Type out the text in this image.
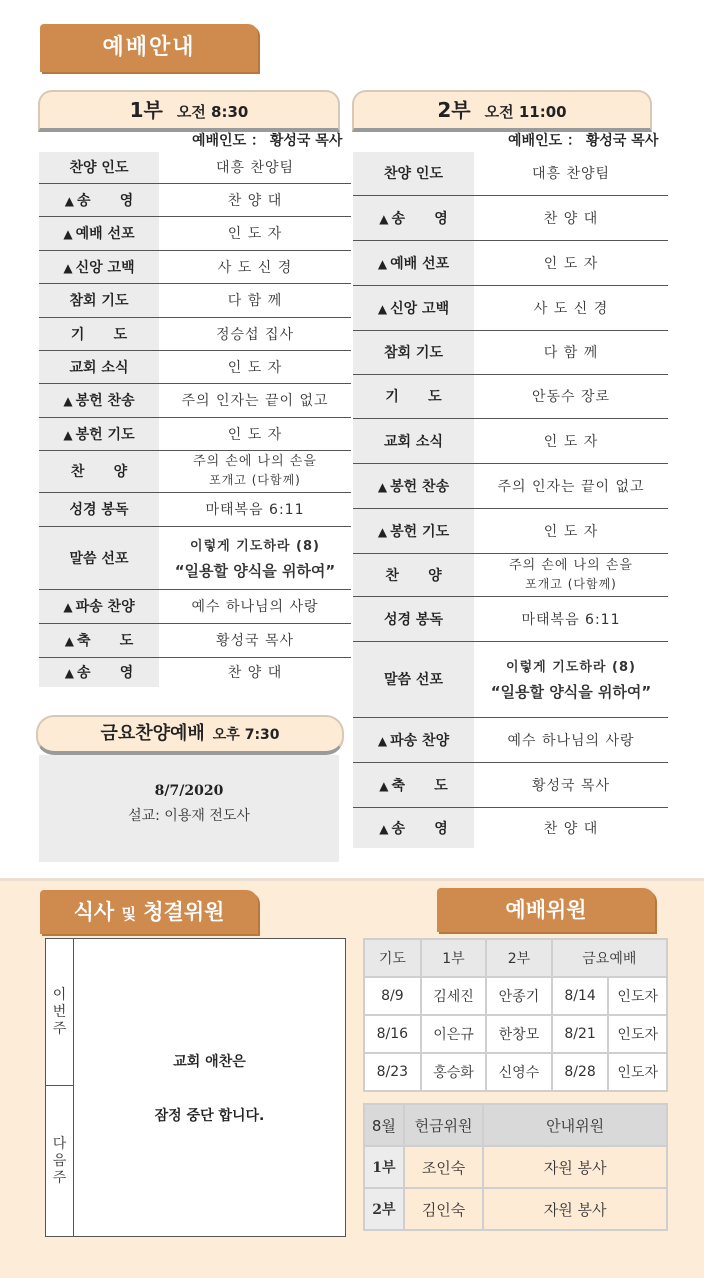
예배안내
1부 오전 8:30
예배인도 ： 황성국 목사
2부 오전 11:00
예배인도 ： 황성국 목사
찬양 인도	대흥 찬양팀
▲ 송      영	찬 양 대
▲ 예배 선포	인 도 자
▲ 신앙 고백	사 도 신 경
참회 기도	다 함 께
기      도	정승섭 집사
교회 소식	인 도 자
▲ 봉헌 찬송	주의 인자는 끝이 없고
▲ 봉헌 기도	인 도 자
찬      양	주의 손에 나의 손을
포개고 (다함께)

성경 봉독	마태복음 6:11
말씀 선포	이렇게 기도하라 (8)
“일용할 양식을 위하여”

▲ 파송 찬양	예수 하나님의 사랑
▲ 축      도	황성국 목사
▲ 송      영	찬 양 대
찬양 인도	대흥 찬양팀
▲ 송      영	찬 양 대
▲ 예배 선포	인 도 자
▲ 신앙 고백	사 도 신 경
참회 기도	다 함 께
기      도	안동수 장로
교회 소식	인 도 자
▲ 봉헌 찬송	주의 인자는 끝이 없고
▲ 봉헌 기도	인 도 자
찬      양	주의 손에 나의 손을
포개고 (다함께)

성경 봉독	마태복음 6:11
말씀 선포	이렇게 기도하라 (8)
“일용할 양식을 위하여”

▲ 파송 찬양	예수 하나님의 사랑
▲ 축      도	황성국 목사
▲ 송      영	찬 양 대
금요찬양예배 오후 7:30
8/7/2020
설교: 이용재 전도사
식사 및 청결위원
이
번
주
다
음
주
교회 애찬은
잠정 중단 합니다.
예배위원
기도	1부	2부	금요예배	
8/9	김세진	안종기	8/14	인도자
8/16	이은규	한창모	8/21	인도자
8/23	홍승화	신영수	8/28	인도자
8월	헌금위원	안내위원
1부	조인숙	자원 봉사
2부	김인숙	자원 봉사
